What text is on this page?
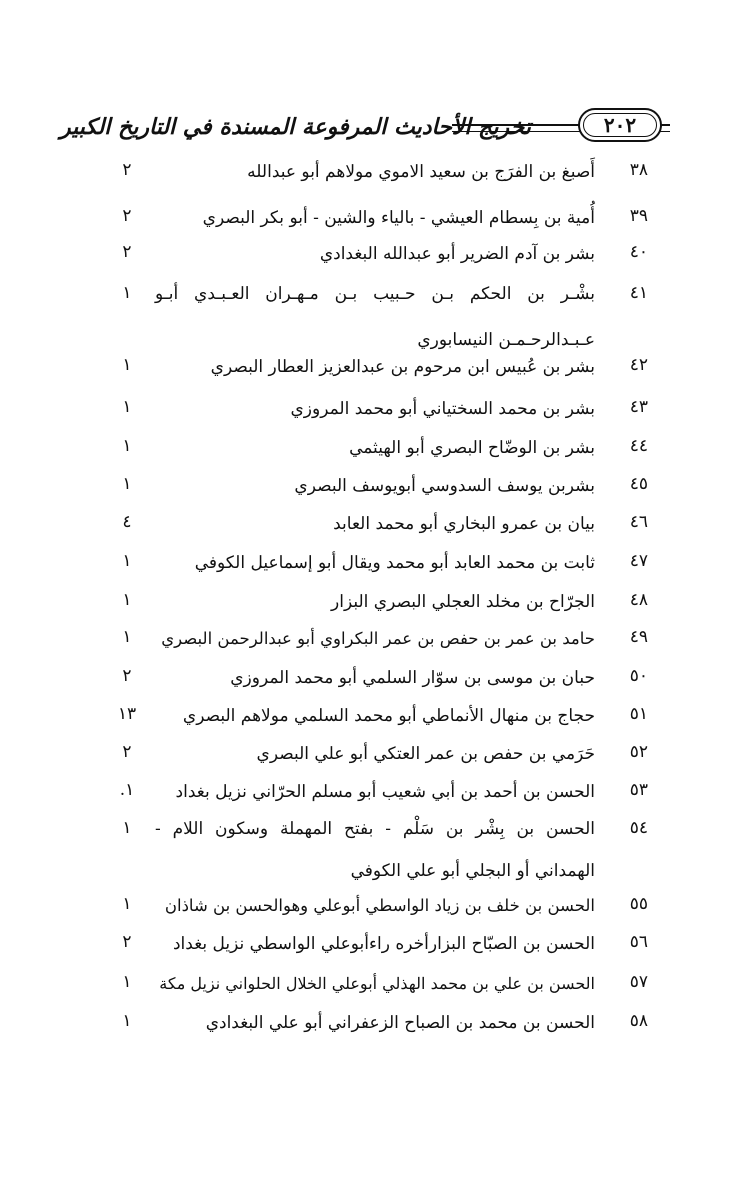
تخريج الأحاديث المرفوعة المسندة في التاريخ الكبير	٢٠٢
٣٨
أَصبغ بن الفرَج بن سعيد الاموي مولاهم أبو عبدالله
٢
٣٩
أُمية بن بِسطام العيشي - بالياء والشين - أبو بكر البصري
٢
٤٠
بشر بن آدم الضرير أبو عبدالله البغدادي
٢
٤١
بشْـر بن الحكم بـن حـبيب بـن مـهـران العـبـدي أبـو عـبـدالرحـمـن النيسابوري
١
٤٢
بشر بن عُبيس ابن مرحوم بن عبدالعزيز العطار البصري
١
٤٣
بشر بن محمد السختياني أبو محمد المروزي
١
٤٤
بشر بن الوضّاح البصري أبو الهيثمي
١
٤٥
بشربن يوسف السدوسي أبويوسف البصري
١
٤٦
بيان بن عمرو البخاري أبو محمد العابد
٤
٤٧
ثابت بن محمد العابد أبو محمد ويقال أبو إسماعيل الكوفي
١
٤٨
الجرّاح بن مخلد العجلي البصري البزار
١
٤٩
حامد بن عمر بن حفص بن عمر البكراوي أبو عبدالرحمن البصري
١
٥٠
حبان بن موسى بن سوّار السلمي أبو محمد المروزي
٢
٥١
حجاج بن منهال الأنماطي أبو محمد السلمي مولاهم البصري
١٣
٥٢
حَرَمي بن حفص بن عمر العتكي أبو علي البصري
٢
٥٣
الحسن بن أحمد بن أبي شعيب أبو مسلم الحرّاني نزيل بغداد
١.
٥٤
الحسن بن بِشْر بن سَلْم - بفتح المهملة وسكون اللام - الهمداني أو البجلي أبو علي الكوفي
١
٥٥
الحسن بن خلف بن زياد الواسطي أبوعلي وهوالحسن بن شاذان
١
٥٦
الحسن بن الصبّاح البزارأخره راءأبوعلي الواسطي نزيل بغداد
٢
٥٧
الحسن بن علي بن محمد الهذلي أبوعلي الخلال الحلواني نزيل مكة
١
٥٨
الحسن بن محمد بن الصباح الزعفراني أبو علي البغدادي
١
